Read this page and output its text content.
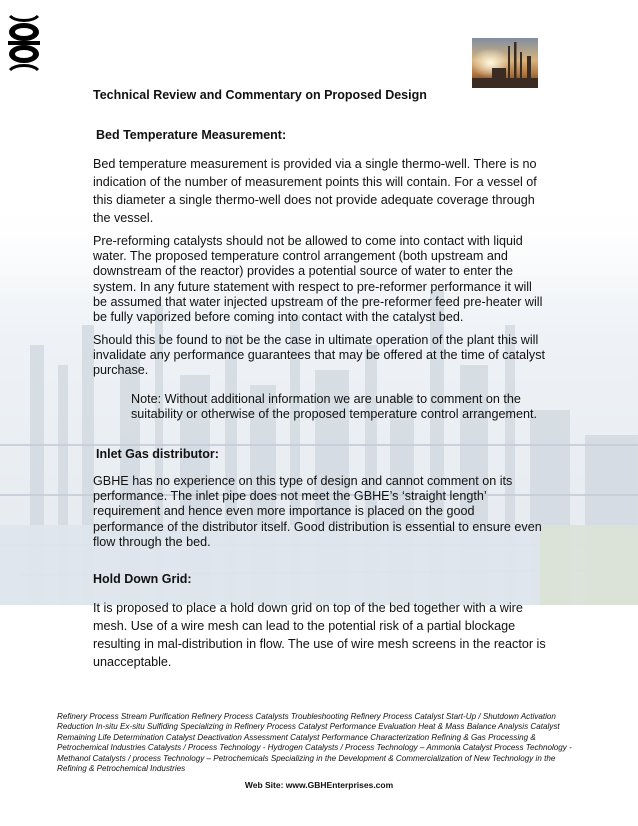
Technical Review and Commentary on Proposed Design
Bed Temperature Measurement:

Bed temperature measurement is provided via a single thermo-well. There is no indication of the number of measurement points this will contain. For a vessel of this diameter a single thermo-well does not provide adequate coverage through the vessel.

Pre-reforming catalysts should not be allowed to come into contact with liquid water. The proposed temperature control arrangement (both upstream and downstream of the reactor) provides a potential source of water to enter the system. In any future statement with respect to pre-reformer performance it will be assumed that water injected upstream of the pre-reformer feed pre-heater will be fully vaporized before coming into contact with the catalyst bed.

Should this be found to not be the case in ultimate operation of the plant this will invalidate any performance guarantees that may be offered at the time of catalyst purchase.

Note: Without additional information we are unable to comment on the suitability or otherwise of the proposed temperature control arrangement.

Inlet Gas distributor:

GBHE has no experience on this type of design and cannot comment on its performance. The inlet pipe does not meet the GBHE’s ‘straight length’ requirement and hence even more importance is placed on the good performance of the distributor itself. Good distribution is essential to ensure even flow through the bed.

Hold Down Grid:

It is proposed to place a hold down grid on top of the bed together with a wire mesh. Use of a wire mesh can lead to the potential risk of a partial blockage resulting in mal-distribution in flow. The use of wire mesh screens in the reactor is unacceptable.

Refinery Process Stream Purification Refinery Process Catalysts Troubleshooting Refinery Process Catalyst Start-Up / Shutdown Activation Reduction In-situ Ex-situ Sulfiding Specializing in Refinery Process Catalyst Performance Evaluation Heat & Mass Balance Analysis Catalyst Remaining Life Determination Catalyst Deactivation Assessment Catalyst Performance Characterization Refining & Gas Processing & Petrochemical Industries Catalysts / Process Technology - Hydrogen Catalysts / Process Technology – Ammonia Catalyst Process Technology - Methanol Catalysts / process Technology – Petrochemicals Specializing in the Development & Commercialization of New Technology in the Refining & Petrochemical Industries
Web Site: www.GBHEnterprises.com
